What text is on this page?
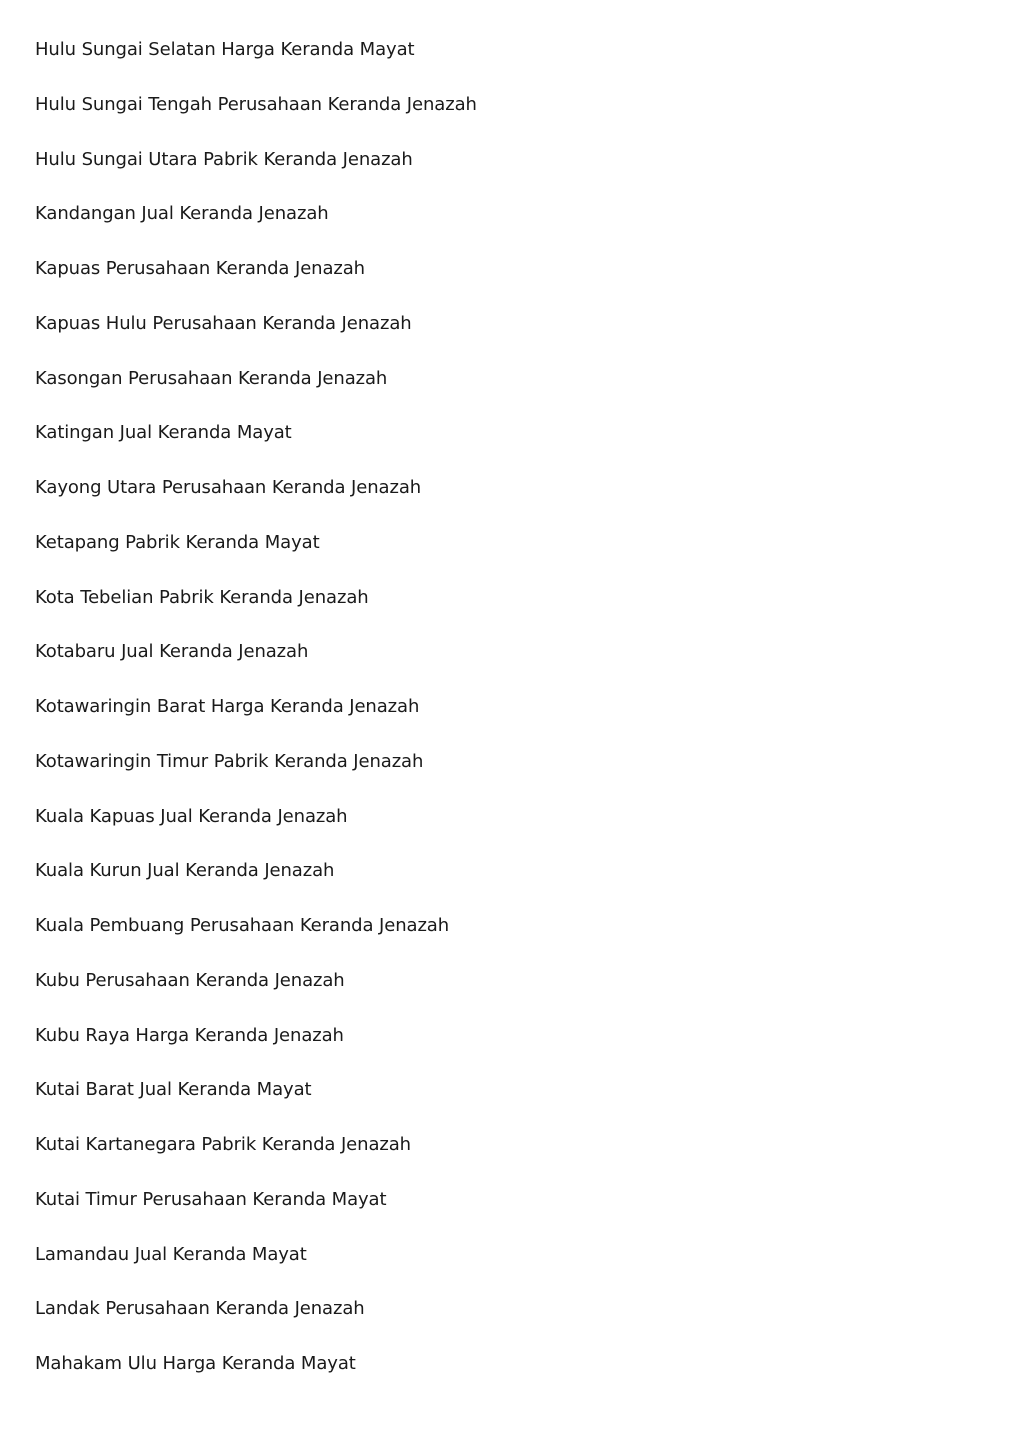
Hulu Sungai Selatan Harga Keranda Mayat
Hulu Sungai Tengah Perusahaan Keranda Jenazah
Hulu Sungai Utara Pabrik Keranda Jenazah
Kandangan Jual Keranda Jenazah
Kapuas Perusahaan Keranda Jenazah
Kapuas Hulu Perusahaan Keranda Jenazah
Kasongan Perusahaan Keranda Jenazah
Katingan Jual Keranda Mayat
Kayong Utara Perusahaan Keranda Jenazah
Ketapang Pabrik Keranda Mayat
Kota Tebelian Pabrik Keranda Jenazah
Kotabaru Jual Keranda Jenazah
Kotawaringin Barat Harga Keranda Jenazah
Kotawaringin Timur Pabrik Keranda Jenazah
Kuala Kapuas Jual Keranda Jenazah
Kuala Kurun Jual Keranda Jenazah
Kuala Pembuang Perusahaan Keranda Jenazah
Kubu Perusahaan Keranda Jenazah
Kubu Raya Harga Keranda Jenazah
Kutai Barat Jual Keranda Mayat
Kutai Kartanegara Pabrik Keranda Jenazah
Kutai Timur Perusahaan Keranda Mayat
Lamandau Jual Keranda Mayat
Landak Perusahaan Keranda Jenazah
Mahakam Ulu Harga Keranda Mayat
